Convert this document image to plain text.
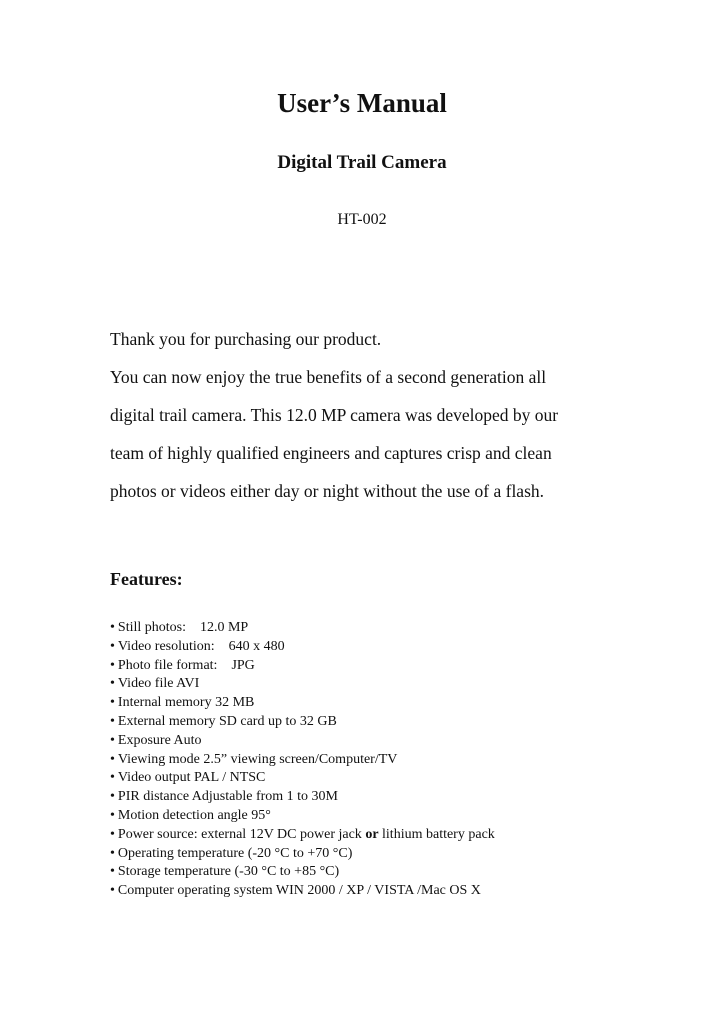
User’s Manual
Digital Trail Camera
HT-002

Thank you for purchasing our product.

You can now enjoy the true benefits of a second generation all

digital trail camera. This 12.0 MP camera was developed by our

team of highly qualified engineers and captures crisp and clean

photos or videos either day or night without the use of a flash.

Features:
• Still photos:    12.0 MP
• Video resolution:    640 x 480
• Photo file format:    JPG
• Video file AVI
• Internal memory 32 MB
• External memory SD card up to 32 GB
• Exposure Auto
• Viewing mode 2.5” viewing screen/Computer/TV
• Video output PAL / NTSC
• PIR distance Adjustable from 1 to 30M
• Motion detection angle 95°
• Power source: external 12V DC power jack or lithium battery pack
• Operating temperature (-20 °C to +70 °C)
• Storage temperature (-30 °C to +85 °C)
• Computer operating system WIN 2000 / XP / VISTA /Mac OS X
